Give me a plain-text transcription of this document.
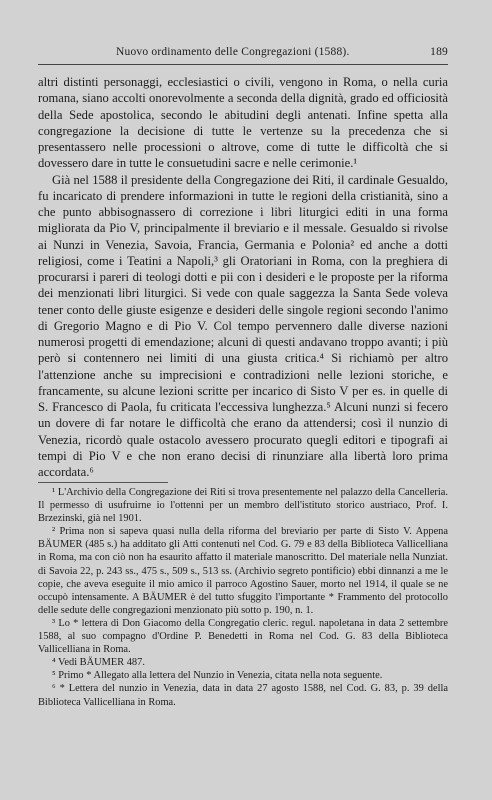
Nuovo ordinamento delle Congregazioni (1588).	189

altri distinti personaggi, ecclesiastici o civili, vengono in Roma, o nella curia romana, siano accolti onorevolmente a seconda della dignità, grado ed officiosità della Sede apostolica, secondo le abitudini degli antenati. Infine spetta alla congregazione la decisione di tutte le vertenze su la precedenza che si presentassero nelle processioni o altrove, come di tutte le difficoltà che si dovessero dare in tutte le consuetudini sacre e nelle cerimonie.¹

Già nel 1588 il presidente della Congregazione dei Riti, il cardinale Gesualdo, fu incaricato di prendere informazioni in tutte le regioni della cristianità, sino a che punto abbisognassero di correzione i libri liturgici editi in una forma migliorata da Pio V, principalmente il breviario e il messale. Gesualdo si rivolse ai Nunzi in Venezia, Savoia, Francia, Germania e Polonia² ed anche a dotti religiosi, come i Teatini a Napoli,³ gli Oratoriani in Roma, con la preghiera di procurarsi i pareri di teologi dotti e pii con i desideri e le proposte per la riforma dei menzionati libri liturgici. Si vede con quale saggezza la Santa Sede voleva tener conto delle giuste esigenze e desideri delle singole regioni secondo l'animo di Gregorio Magno e di Pio V. Col tempo pervennero dalle diverse nazioni numerosi progetti di emendazione; alcuni di questi andavano troppo avanti; i più però si contennero nei limiti di una giusta critica.⁴ Si richiamò per altro l'attenzione anche su imprecisioni e contradizioni nelle lezioni storiche, e francamente, su alcune lezioni scritte per incarico di Sisto V per es. in quelle di S. Francesco di Paola, fu criticata l'eccessiva lunghezza.⁵ Alcuni nunzi si fecero un dovere di far notare le difficoltà che erano da attendersi; così il nunzio di Venezia, ricordò quale ostacolo avessero procurato quegli editori e tipografi ai tempi di Pio V e che non erano decisi di rinunziare alla libertà loro prima accordata.⁶

¹ L'Archivio della Congregazione dei Riti si trova presentemente nel palazzo della Cancelleria. Il permesso di usufruirne io l'ottenni per un membro dell'istituto storico austriaco, Prof. I. Brzezinski, già nel 1901.

² Prima non si sapeva quasi nulla della riforma del breviario per parte di Sisto V. Appena BÄUMER (485 s.) ha additato gli Atti contenuti nel Cod. G. 79 e 83 della Biblioteca Vallicelliana in Roma, ma con ciò non ha esaurito affatto il materiale manoscritto. Del materiale nella Nunziat. di Savoia 22, p. 243 ss., 475 s., 509 s., 513 ss. (Archivio segreto pontificio) ebbi dinnanzi a me le copie, che aveva eseguite il mio amico il parroco Agostino Sauer, morto nel 1914, il quale se ne occupò intensamente. A BÄUMER è del tutto sfuggito l'importante * Frammento del protocollo delle sedute delle congregazioni menzionato più sotto p. 190, n. 1.

³ Lo * lettera di Don Giacomo della Congregatio cleric. regul. napoletana in data 2 settembre 1588, al suo compagno d'Ordine P. Benedetti in Roma nel Cod. G. 83 della Biblioteca Vallicelliana in Roma.

⁴ Vedi BÄUMER 487.

⁵ Primo * Allegato alla lettera del Nunzio in Venezia, citata nella nota seguente.

⁶ * Lettera del nunzio in Venezia, data in data 27 agosto 1588, nel Cod. G. 83, p. 39 della Biblioteca Vallicelliana in Roma.
